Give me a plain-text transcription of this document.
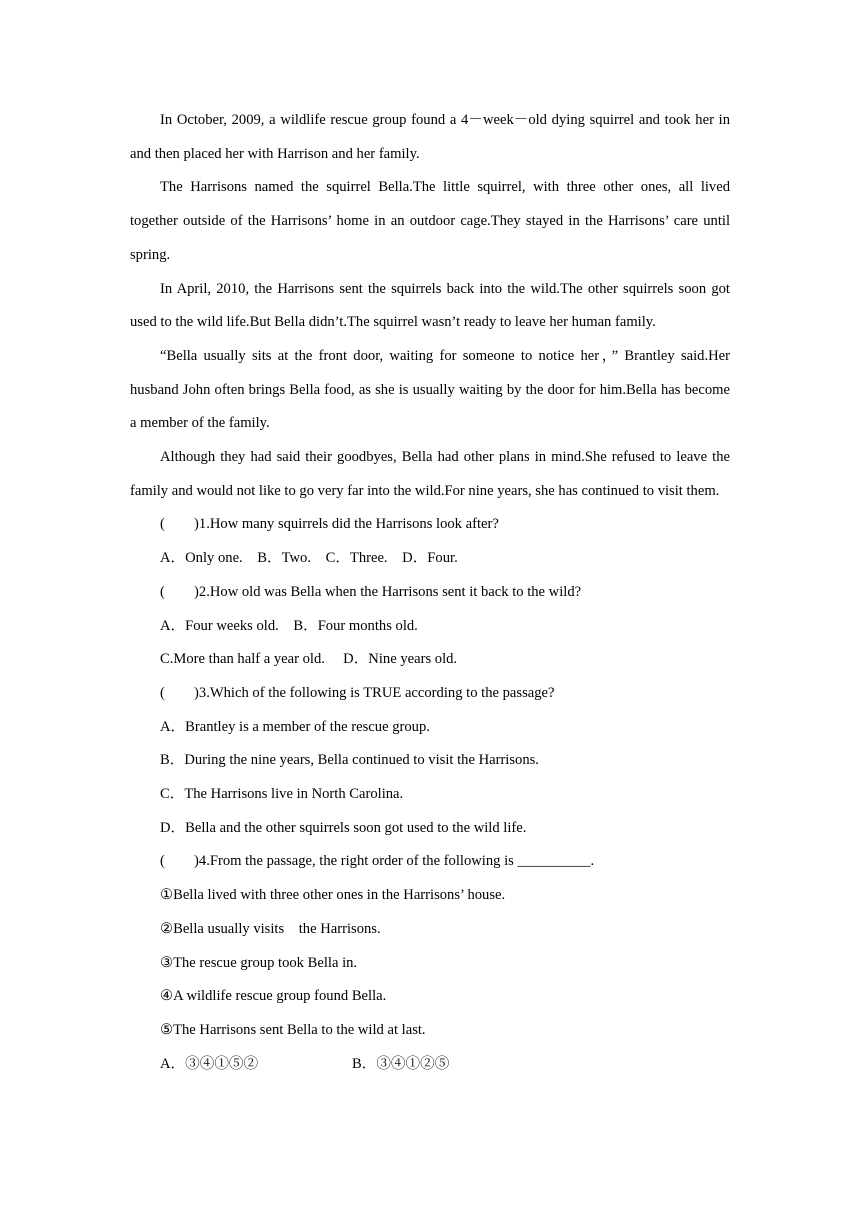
In October, 2009, a wildlife rescue group found a 4－week－old dying squirrel and took her in and then placed her with Harrison and her family.

The Harrisons named the squirrel Bella.The little squirrel, with three other ones, all lived together outside of the Harrisons’ home in an outdoor cage.They stayed in the Harrisons’ care until spring.

In April, 2010, the Harrisons sent the squirrels back into the wild.The other squirrels soon got used to the wild life.But Bella didn’t.The squirrel wasn’t ready to leave her human family.

“Bella usually sits at the front door, waiting for someone to notice her，” Brantley said.Her husband John often brings Bella food, as she is usually waiting by the door for him.Bella has become a member of the family.

Although they had said their goodbyes, Bella had other plans in mind.She refused to leave the family and would not like to go very far into the wild.For nine years, she has continued to visit them.

(　　)1.How many squirrels did the Harrisons look after?

A．Only one.　B．Two.　C．Three.　D．Four.

(　　)2.How old was Bella when the Harrisons sent it back to the wild?

A．Four weeks old.　B．Four months old.

C.More than half a year old.　 D．Nine years old.

(　　)3.Which of the following is TRUE according to the passage?

A．Brantley is a member of the rescue group.

B．During the nine years, Bella continued to visit the Harrisons.

C．The Harrisons live in North Carolina.

D．Bella and the other squirrels soon got used to the wild life.

(　　)4.From the passage, the right order of the following is __________.

①Bella lived with three other ones in the Harrisons’ house.

②Bella usually visits　the Harrisons.

③The rescue group took Bella in.

④A wildlife rescue group found Bella.

⑤The Harrisons sent Bella to the wild at last.

A．③④①⑤②	B．③④①②⑤
